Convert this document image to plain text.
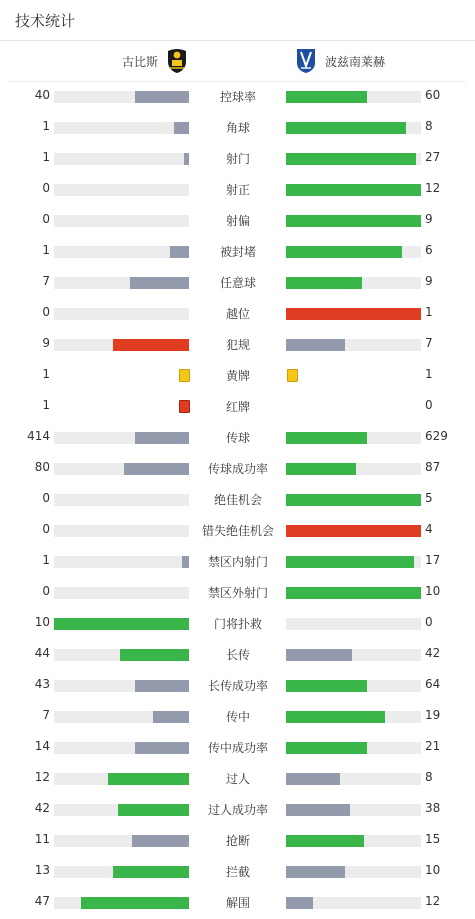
技术统计
古比斯	波兹南莱赫
40	控球率	60
1	角球	8
1	射门	27
0	射正	12
0	射偏	9
1	被封堵	6
7	任意球	9
0	越位	1
9	犯规	7
1	黄牌	1
1	红牌	0
414	传球	629
80	传球成功率	87
0	绝佳机会	5
0	错失绝佳机会	4
1	禁区内射门	17
0	禁区外射门	10
10	门将扑救	0
44	长传	42
43	长传成功率	64
7	传中	19
14	传中成功率	21
12	过人	8
42	过人成功率	38
11	抢断	15
13	拦截	10
47	解围	12
